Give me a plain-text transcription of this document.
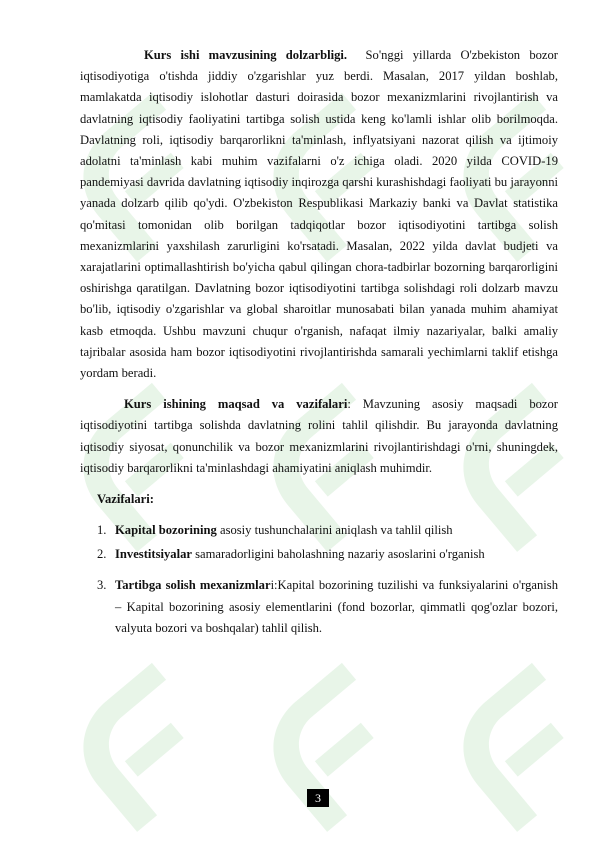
Kurs ishi mavzusining dolzarbligi. So'nggi yillarda O'zbekiston bozor iqtisodiyotiga o'tishda jiddiy o'zgarishlar yuz berdi. Masalan, 2017 yildan boshlab, mamlakatda iqtisodiy islohotlar dasturi doirasida bozor mexanizmlarini rivojlantirish va davlatning iqtisodiy faoliyatini tartibga solish ustida keng ko'lamli ishlar olib borilmoqda. Davlatning roli, iqtisodiy barqarorlikni ta'minlash, inflyatsiyani nazorat qilish va ijtimoiy adolatni ta'minlash kabi muhim vazifalarni o'z ichiga oladi. 2020 yilda COVID-19 pandemiyasi davrida davlatning iqtisodiy inqirozga qarshi kurashishdagi faoliyati bu jarayonni yanada dolzarb qilib qo'ydi. O'zbekiston Respublikasi Markaziy banki va Davlat statistika qo'mitasi tomonidan olib borilgan tadqiqotlar bozor iqtisodiyotini tartibga solish mexanizmlarini yaxshilash zarurligini ko'rsatadi. Masalan, 2022 yilda davlat budjeti va xarajatlarini optimallashtirish bo'yicha qabul qilingan chora-tadbirlar bozorning barqarorligini oshirishga qaratilgan. Davlatning bozor iqtisodiyotini tartibga solishdagi roli dolzarb mavzu bo'lib, iqtisodiy o'zgarishlar va global sharoitlar munosabati bilan yanada muhim ahamiyat kasb etmoqda. Ushbu mavzuni chuqur o'rganish, nafaqat ilmiy nazariyalar, balki amaliy tajribalar asosida ham bozor iqtisodiyotini rivojlantirishda samarali yechimlarni taklif etishga yordam beradi.

Kurs ishining maqsad va vazifalari: Mavzuning asosiy maqsadi bozor iqtisodiyotini tartibga solishda davlatning rolini tahlil qilishdir. Bu jarayonda davlatning iqtisodiy siyosat, qonunchilik va bozor mexanizmlarini rivojlantirishdagi o'rni, shuningdek, iqtisodiy barqarorlikni ta'minlashdagi ahamiyatini aniqlash muhimdir.

Vazifalari:
1. Kapital bozorining asosiy tushunchalarini aniqlash va tahlil qilish
2. Investitsiyalar samaradorligini baholashning nazariy asoslarini o'rganish
3. Tartibga solish mexanizmlari:Kapital bozorining tuzilishi va funksiyalarini o'rganish – Kapital bozorining asosiy elementlarini (fond bozorlar, qimmatli qog'ozlar bozori, valyuta bozori va boshqalar) tahlil qilish.
3
